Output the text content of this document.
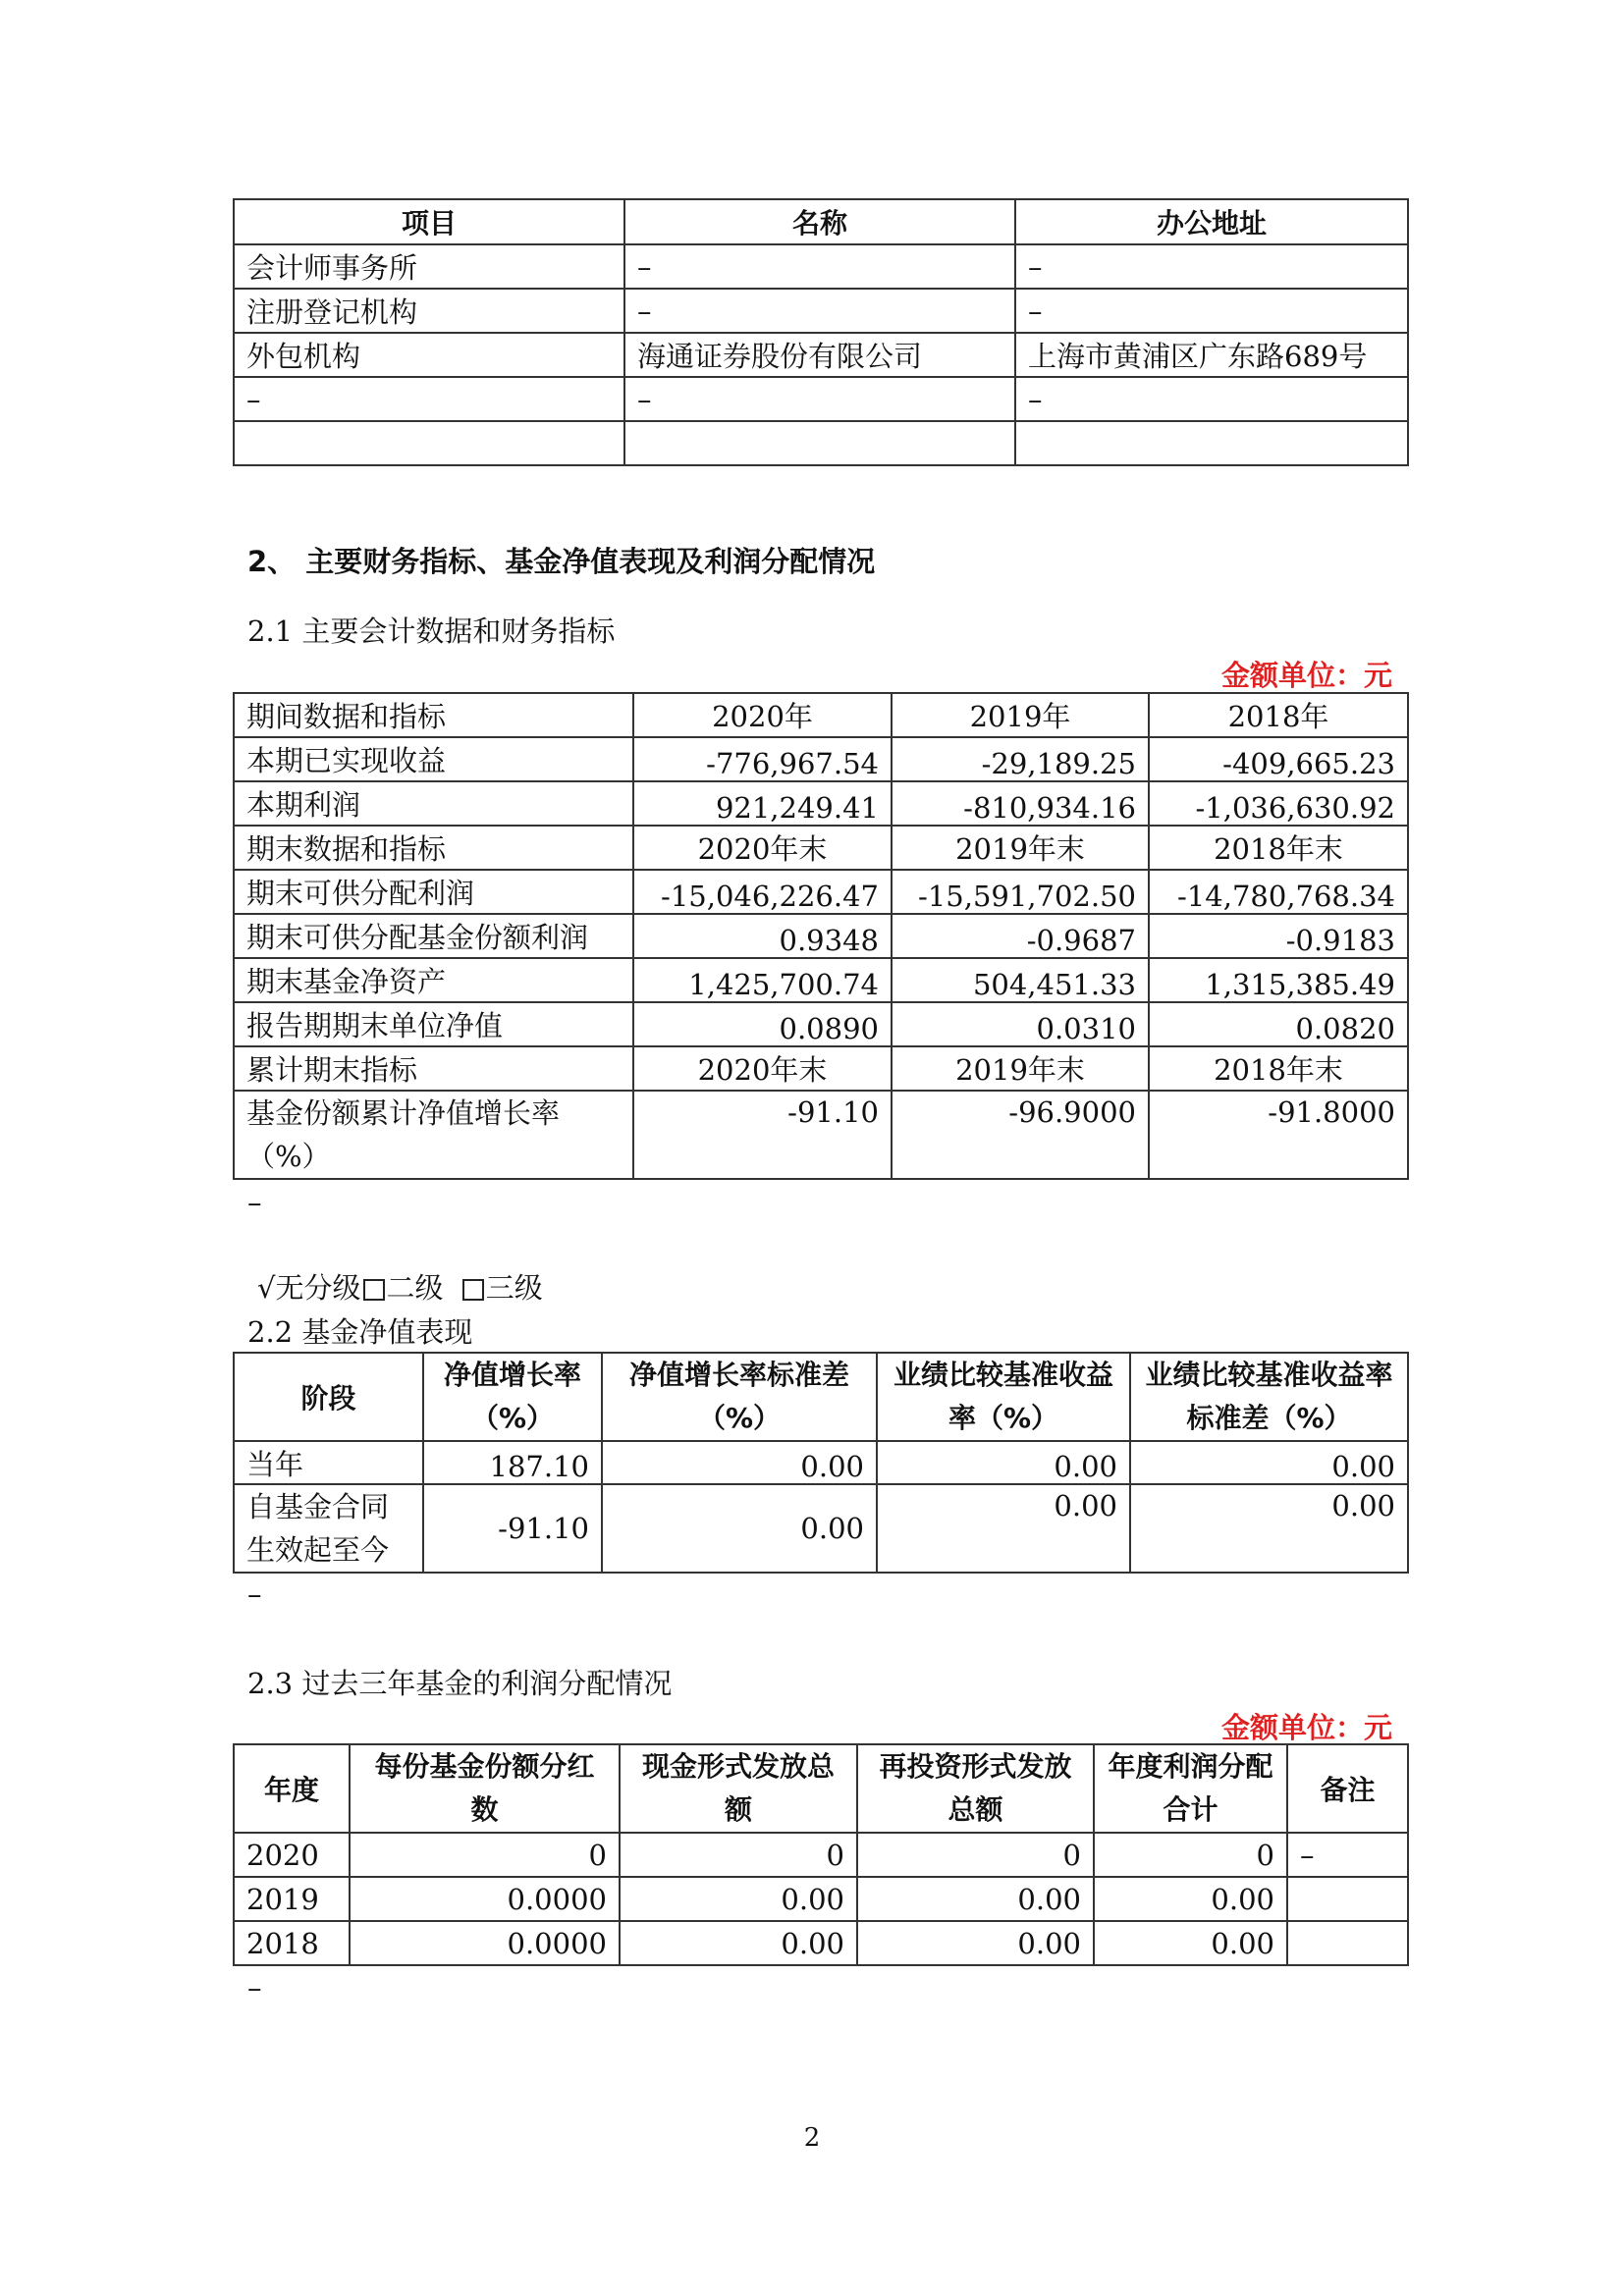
项目	名称	办公地址
会计师事务所	–	–
注册登记机构	–	–
外包机构	海通证券股份有限公司	上海市黄浦区广东路689号
–	–	–

2、 主要财务指标、基金净值表现及利润分配情况
2.1 主要会计数据和财务指标
金额单位：元
期间数据和指标	2020年	2019年	2018年
本期已实现收益	-776,967.54	-29,189.25	-409,665.23
本期利润	921,249.41	-810,934.16	-1,036,630.92
期末数据和指标	2020年末	2019年末	2018年末
期末可供分配利润	-15,046,226.47	-15,591,702.50	-14,780,768.34
期末可供分配基金份额利润	0.9348	-0.9687	-0.9183
期末基金净资产	1,425,700.74	504,451.33	1,315,385.49
报告期期末单位净值	0.0890	0.0310	0.0820
累计期末指标	2020年末	2019年末	2018年末
基金份额累计净值增长率（%）	-91.10	-96.9000	-91.8000
–
√无分级 二级 三级
2.2 基金净值表现
阶段	净值增长率（%）	净值增长率标准差（%）	业绩比较基准收益率（%）	业绩比较基准收益率标准差（%）
当年	187.10	0.00	0.00	0.00
自基金合同生效起至今	-91.10	0.00	0.00	0.00
–
2.3 过去三年基金的利润分配情况
金额单位：元
年度	每份基金份额分红数	现金形式发放总额	再投资形式发放总额	年度利润分配合计	备注
2020	0	0	0	0	–
2019	0.0000	0.00	0.00	0.00	
2018	0.0000	0.00	0.00	0.00	
–
2
